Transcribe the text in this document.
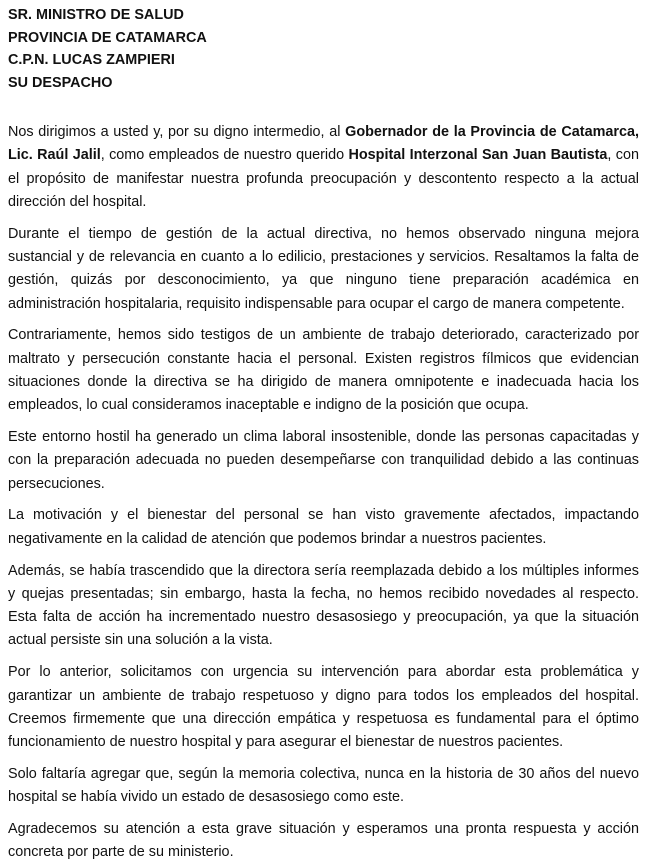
SR. MINISTRO DE SALUD

PROVINCIA DE CATAMARCA

C.P.N. LUCAS ZAMPIERI

SU DESPACHO

Nos dirigimos a usted y, por su digno intermedio, al Gobernador de la Provincia de Catamarca, Lic. Raúl Jalil, como empleados de nuestro querido Hospital Interzonal San Juan Bautista, con el propósito de manifestar nuestra profunda preocupación y descontento respecto a la actual dirección del hospital.

Durante el tiempo de gestión de la actual directiva, no hemos observado ninguna mejora sustancial y de relevancia en cuanto a lo edilicio, prestaciones y servicios. Resaltamos la falta de gestión, quizás por desconocimiento, ya que ninguno tiene preparación académica en administración hospitalaria, requisito indispensable para ocupar el cargo de manera competente.

Contrariamente, hemos sido testigos de un ambiente de trabajo deteriorado, caracterizado por maltrato y persecución constante hacia el personal. Existen registros fílmicos que evidencian situaciones donde la directiva se ha dirigido de manera omnipotente e inadecuada hacia los empleados, lo cual consideramos inaceptable e indigno de la posición que ocupa.

Este entorno hostil ha generado un clima laboral insostenible, donde las personas capacitadas y con la preparación adecuada no pueden desempeñarse con tranquilidad debido a las continuas persecuciones.

La motivación y el bienestar del personal se han visto gravemente afectados, impactando negativamente en la calidad de atención que podemos brindar a nuestros pacientes.

Además, se había trascendido que la directora sería reemplazada debido a los múltiples informes y quejas presentadas; sin embargo, hasta la fecha, no hemos recibido novedades al respecto. Esta falta de acción ha incrementado nuestro desasosiego y preocupación, ya que la situación actual persiste sin una solución a la vista.

Por lo anterior, solicitamos con urgencia su intervención para abordar esta problemática y garantizar un ambiente de trabajo respetuoso y digno para todos los empleados del hospital. Creemos firmemente que una dirección empática y respetuosa es fundamental para el óptimo funcionamiento de nuestro hospital y para asegurar el bienestar de nuestros pacientes.

Solo faltaría agregar que, según la memoria colectiva, nunca en la historia de 30 años del nuevo hospital se había vivido un estado de desasosiego como este.

Agradecemos su atención a esta grave situación y esperamos una pronta respuesta y acción concreta por parte de su ministerio.
